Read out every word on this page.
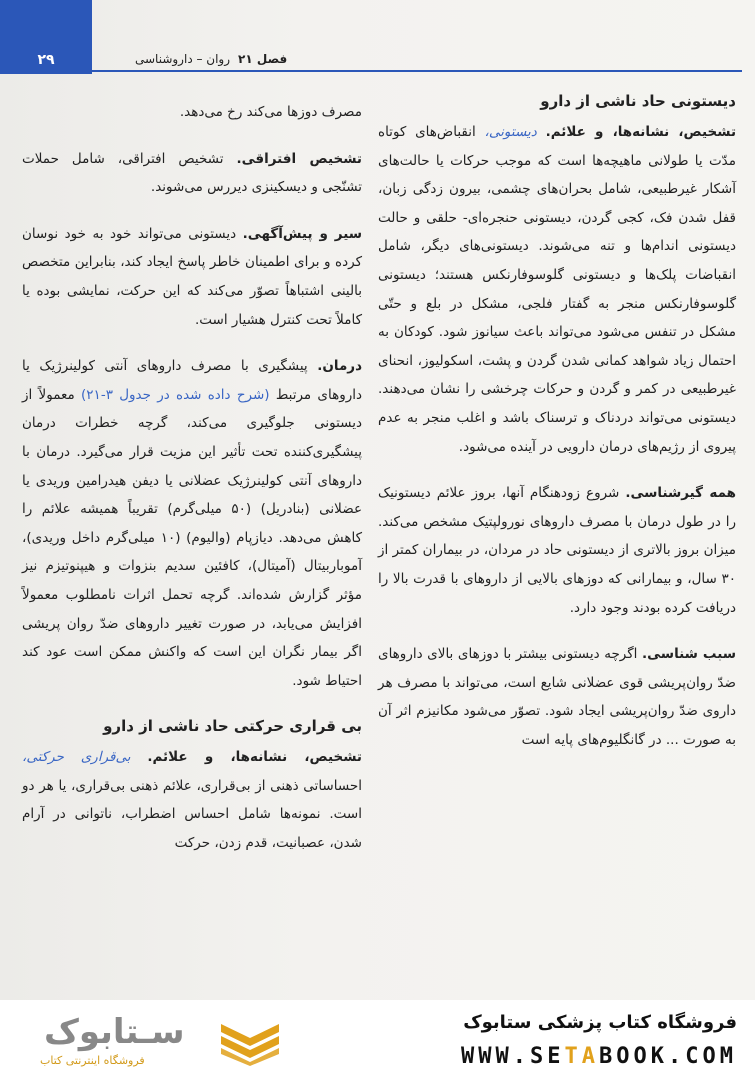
۲۹	فصل ۲۱روان – داروشناسی
دیستونی حاد ناشی از دارو

تشخیص، نشانه‌ها، و علائم. دیستونی، انقباض‌های کوتاه مدّت یا طولانی ماهیچه‌ها است که موجب حرکات یا حالت‌های آشکار غیرطبیعی، شامل بحران‌های چشمی، بیرون زدگی زبان، قفل شدن فک، کجی گردن، دیستونی حنجره‌ای- حلقی و حالت دیستونی اندام‌ها و تنه می‌شوند. دیستونی‌های دیگر، شامل انقباضات پلک‌ها و دیستونی گلوسوفارنکس هستند؛ دیستونی گلوسوفارنکس منجر به گفتار فلجی، مشکل در بلع و حتّی مشکل در تنفس می‌شود می‌تواند باعث سیانوز شود. کودکان به احتمال زیاد شواهد کمانی شدن گردن و پشت، اسکولیوز، انحنای غیرطبیعی در کمر و گردن و حرکات چرخشی را نشان می‌دهند. دیستونی می‌تواند دردناک و ترسناک باشد و اغلب منجر به عدم پیروی از رژیم‌های درمان دارویی در آینده می‌شود.

همه گیرشناسی. شروع زودهنگام آنها، بروز علائم دیستونیک را در طول درمان با مصرف داروهای نورولپتیک مشخص می‌کند. میزان بروز بالاتری از دیستونی حاد در مردان، در بیماران کمتر از ۳۰ سال، و بیمارانی که دوزهای بالایی از داروهای با قدرت بالا را دریافت کرده بودند وجود دارد.

سبب شناسی. اگرچه دیستونی بیشتر با دوزهای بالای داروهای ضدّ روان‌پریشی قوی عضلانی شایع است، می‌تواند با مصرف هر داروی ضدّ روان‌پریشی ایجاد شود. تصوّر می‌شود مکانیزم اثر آن به صورت ... در گانگلیوم‌های پایه است

مصرف دوزها می‌کند رخ می‌دهد.

تشخیص افتراقی. تشخیص افتراقی، شامل حملات تشنّجی و دیسکینزی دیررس می‌شوند.

سیر و پیش‌آگهی. دیستونی می‌تواند خود به خود نوسان کرده و برای اطمینان خاطر پاسخ ایجاد کند، بنابراین متخصص بالینی اشتباهاً تصوّر می‌کند که این حرکت، نمایشی بوده یا کاملاً تحت کنترل هشیار است.

درمان. پیشگیری با مصرف داروهای آنتی کولینرژیک یا داروهای مرتبط (شرح داده شده در جدول ۳-۲۱) معمولاً از دیستونی جلوگیری می‌کند، گرچه خطرات درمان پیشگیری‌کننده تحت تأثیر این مزیت قرار می‌گیرد. درمان با داروهای آنتی کولینرژیک عضلانی یا دیفن هیدرامین وریدی یا عضلانی (بنادریل) (۵۰ میلی‌گرم) تقریباً همیشه علائم را کاهش می‌دهد. دیازپام (والیوم) (۱۰ میلی‌گرم داخل وریدی)، آموباربیتال (آمیتال)، کافئین سدیم بنزوات و هیپنوتیزم نیز مؤثر گزارش شده‌اند. گرچه تحمل اثرات نامطلوب معمولاً افزایش می‌یابد، در صورت تغییر داروهای ضدّ روان پریشی اگر بیمار نگران این است که واکنش ممکن است عود کند احتیاط شود.

بی قراری حرکتی حاد ناشی از دارو

تشخیص، نشانه‌ها، و علائم. بی‌قراری حرکتی، احساساتی ذهنی از بی‌قراری، علائم ذهنی بی‌قراری، یا هر دو است. نمونه‌ها شامل احساس اضطراب، ناتوانی در آرام شدن، عصبانیت، قدم زدن، حرکت

سـتابوک
فروشگاه اینترنتی کتاب
فروشگاه کتاب پزشکی ستابوک
WWW.SETABOOK.COM
